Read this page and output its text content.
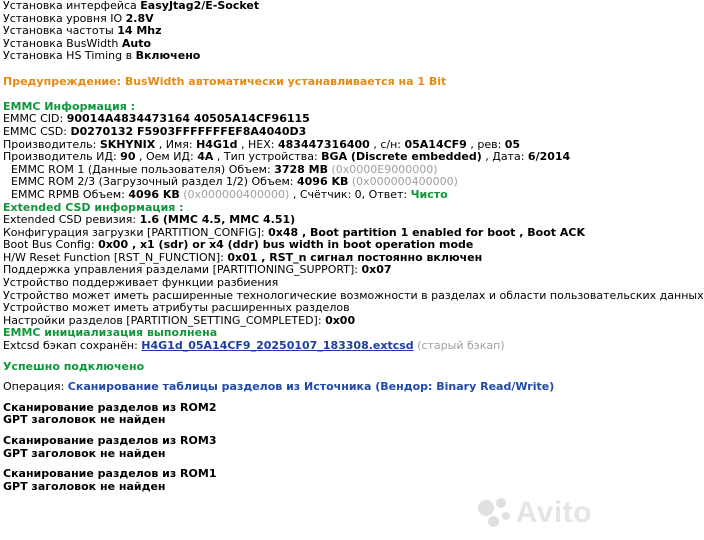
Установка интерфейса EasyJtag2/E-Socket
Установка уровня IO 2.8V
Установка частоты 14 Mhz
Установка BusWidth Auto
Установка HS Timing в Включено
Предупреждение: BusWidth автоматически устанавливается на 1 Bit
EMMC Информация :
EMMC CID: 90014A4834473164 40505A14CF96115
EMMC CSD: D0270132 F5903FFFFFFFEF8A4040D3
Производитель: SKHYNIX , Имя: H4G1d , HEX: 483447316400 , с/н: 05A14CF9 , рев: 05
Производитель ИД: 90 , Оем ИД: 4A , Тип устройства: BGA (Discrete embedded) , Дата: 6/2014
EMMC ROM 1 (Данные пользователя) Объем: 3728 MB (0x0000E9000000)
EMMC ROM 2/3 (Загрузочный раздел 1/2) Объем: 4096 KB (0x000000400000)
EMMC RPMB Объем: 4096 KB (0x000000400000) , Счётчик: 0, Ответ: Чисто
Extended CSD информация :
Extended CSD ревизия: 1.6 (MMC 4.5, MMC 4.51)
Конфигурация загрузки [PARTITION_CONFIG]: 0x48 , Boot partition 1 enabled for boot , Boot ACK
Boot Bus Config: 0x00 , x1 (sdr) or x4 (ddr) bus width in boot operation mode
H/W Reset Function [RST_N_FUNCTION]: 0x01 , RST_n сигнал постоянно включен
Поддержка управления разделами [PARTITIONING_SUPPORT]: 0x07
Устройство поддерживает функции разбиения
Устройство может иметь расширенные технологические возможности в разделах и области пользовательских данных
Устройство может иметь атрибуты расширенных разделов
Настройки разделов [PARTITION_SETTING_COMPLETED]: 0x00
EMMC инициализация выполнена
Extcsd бэкап сохранён: H4G1d_05A14CF9_20250107_183308.extcsd (старый бэкап)
Успешно подключено
Операция: Сканирование таблицы разделов из Источника (Вендор: Binary Read/Write)
Сканирование разделов из ROM2
GPT заголовок не найден
Сканирование разделов из ROM3
GPT заголовок не найден
Сканирование разделов из ROM1
GPT заголовок не найден
Avito
